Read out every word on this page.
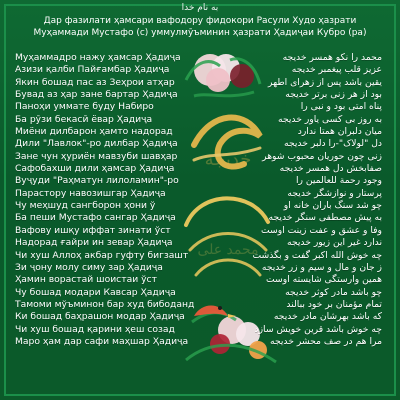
به نام خدا
Дар фазилати ҳамсари вафодору фидокори Расули Худо ҳазрати
Муҳаммади Мустафо (с) уммулмӯъминин ҳазрати Ҳадиҷаи Кубро (ра)
خدیجه
محمد علی
Муҳаммадро нажу ҳамсар Ҳадиҷа
Азизи қалби Пайғамбар Ҳадиҷа
Якин бошад пас аз Зеҳрои атҳар
Бувад аз ҳар зане бартар Ҳадиҷа
Паноҳи уммате буду Набиро
Ба рӯзи бекасӣ ёвар Ҳадиҷа
Миёни дилбарон ҳамто надорад
Дили "Лавлок"-ро дилбар Ҳадиҷа
Зане чун ҳуриён мавзуби шавҳар
Сафобахши дили ҳамсар Ҳадиҷа
Вуҷуди "Раҳматун лилоламин"-ро
Парастору навозишгар Ҳадиҷа
Чу меҳшуд сангборон ҳони ў
Ба пеши Мустафо сангар Ҳадиҷа
Вафову ишқу иффат зинати ўст
Надорад ғайри ин зевар Ҳадиҷа
Чи хуш Аллоҳ акбар гуфту бигзашт
Зи ҷону молу симу зар Ҳадиҷа
Ҳамин ворастай шоистаи ўст
Чу бошад модари Кавсар Ҳадиҷа
Тамоми мўъминон бар худ бибоданд
Ки бошад баҳрашон модар Ҳадиҷа
Чи хуш бошад қарини ҳеш созад
Маро ҳам дар сафи маҳшар Ҳадиҷа
محمد را نکو همسر خدیجه
عزیز قلب پیغمبر خدیجه
یقین باشد پس از زهرای اطهر
بود از هر زنی برتر خدیجه
پناه امتی بود و نبی را
به روز بی کسی یاور خدیجه
میان دلبران همتا ندارد
دل "لولاک"-را دلبر خدیجه
زنی چون حوریان محبوب شوهر
صفابخش دل همسر خدیجه
وجود رحمة للعالمین را
پرستار و نوازشگر خدیجه
چو شد سنگ باران خانه او
به پیش مصطفی سنگر خدیجه
وفا و عشق و عفت زینت اوست
ندارد غیر این زیور خدیجه
چه خوش الله اکبر گفت و بگذشت
ز جان و مال و سیم و زر خدیجه
همین وارستگی شایسته اوست
چو باشد مادر کوثر خدیجه
تمام مؤمنان بر خود ببالند
که باشد بهرشان مادر خدیجه
چه خوش باشد قرین خویش سازد
مرا هم در صف محشر خدیجه
